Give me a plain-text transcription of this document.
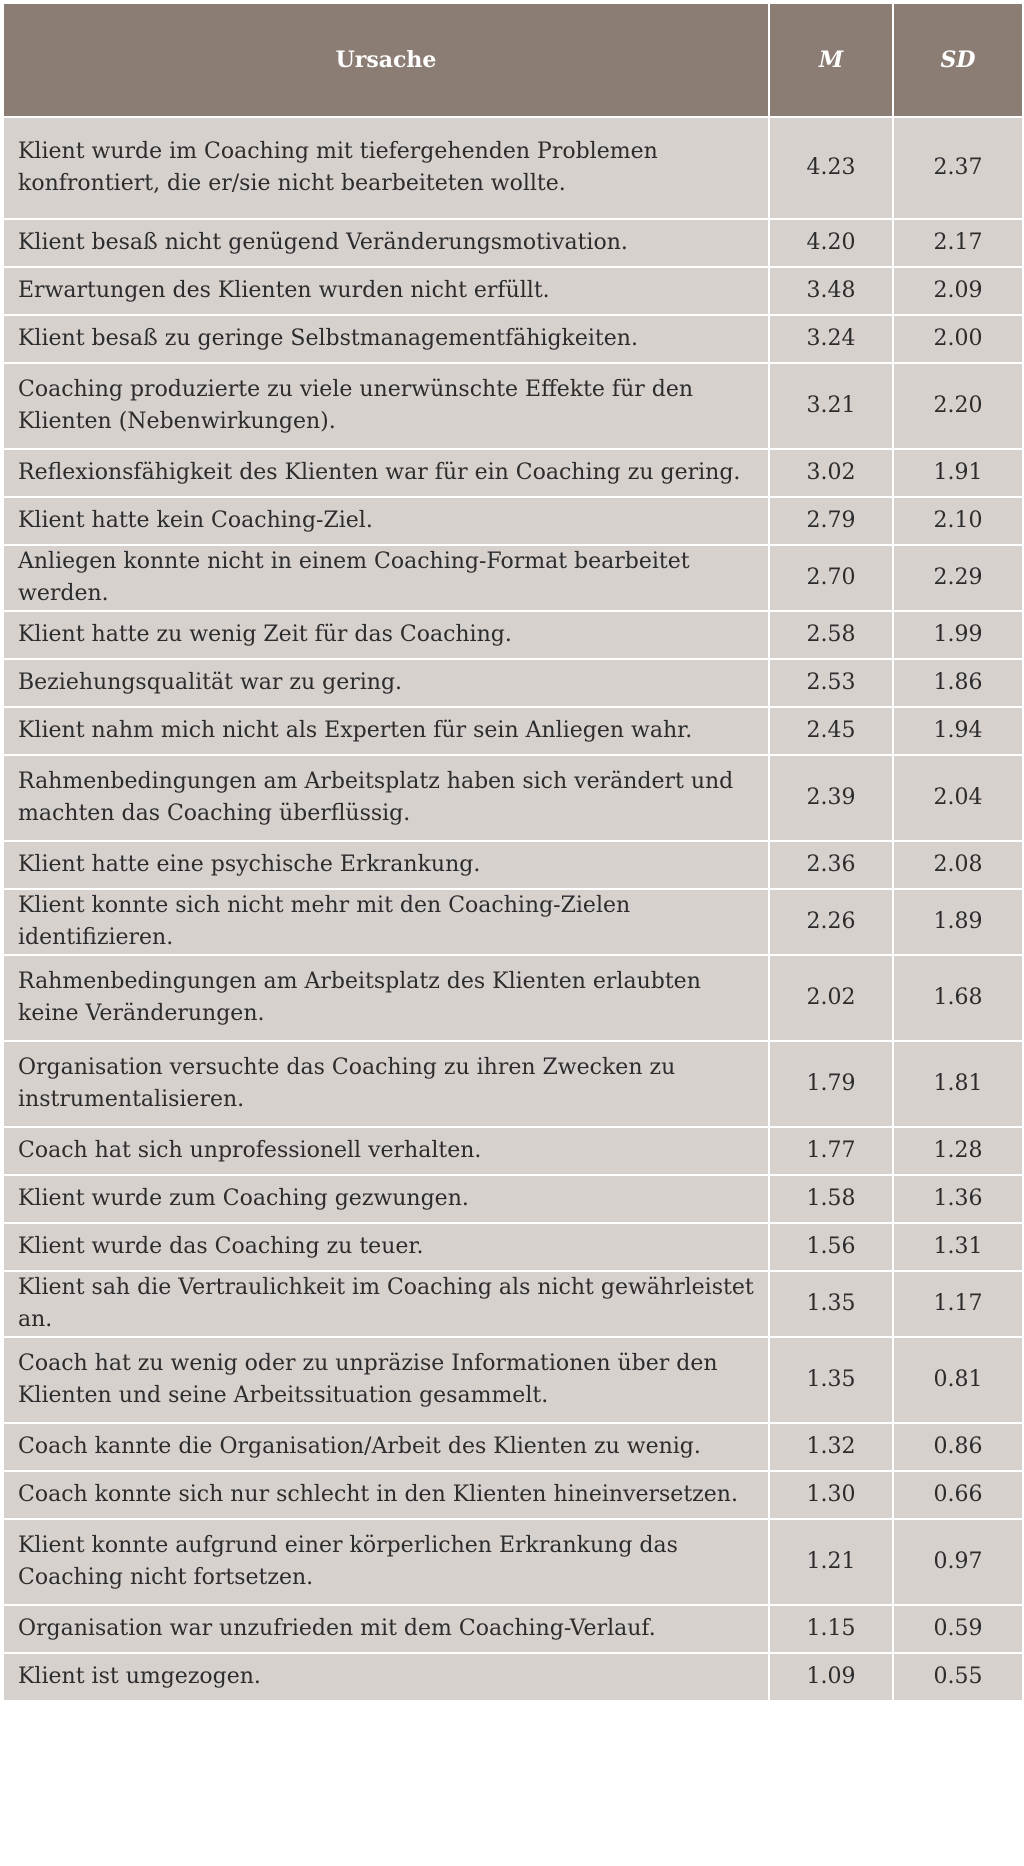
Ursache	M	SD
Klient wurde im Coaching mit tiefergehenden Problemen konfrontiert, die er/sie nicht bearbeiteten wollte.	4.23	2.37
Klient besaß nicht genügend Veränderungsmotivation.	4.20	2.17
Erwartungen des Klienten wurden nicht erfüllt.	3.48	2.09
Klient besaß zu geringe Selbstmanagementfähigkeiten.	3.24	2.00
Coaching produzierte zu viele unerwünschte Effekte für den Klienten (Nebenwirkungen).	3.21	2.20
Reflexionsfähigkeit des Klienten war für ein Coaching zu gering.	3.02	1.91
Klient hatte kein Coaching-Ziel.	2.79	2.10
Anliegen konnte nicht in einem Coaching-Format bearbeitet werden.	2.70	2.29
Klient hatte zu wenig Zeit für das Coaching.	2.58	1.99
Beziehungsqualität war zu gering.	2.53	1.86
Klient nahm mich nicht als Experten für sein Anliegen wahr.	2.45	1.94
Rahmenbedingungen am Arbeitsplatz haben sich verändert und machten das Coaching überflüssig.	2.39	2.04
Klient hatte eine psychische Erkrankung.	2.36	2.08
Klient konnte sich nicht mehr mit den Coaching-Zielen identifizieren.	2.26	1.89
Rahmenbedingungen am Arbeitsplatz des Klienten erlaubten keine Veränderungen.	2.02	1.68
Organisation versuchte das Coaching zu ihren Zwecken zu instrumentalisieren.	1.79	1.81
Coach hat sich unprofessionell verhalten.	1.77	1.28
Klient wurde zum Coaching gezwungen.	1.58	1.36
Klient wurde das Coaching zu teuer.	1.56	1.31
Klient sah die Vertraulichkeit im Coaching als nicht gewährleistet an.	1.35	1.17
Coach hat zu wenig oder zu unpräzise Informationen über den Klienten und seine Arbeitssituation gesammelt.	1.35	0.81
Coach kannte die Organisation/Arbeit des Klienten zu wenig.	1.32	0.86
Coach konnte sich nur schlecht in den Klienten hineinversetzen.	1.30	0.66
Klient konnte aufgrund einer körperlichen Erkrankung das Coaching nicht fortsetzen.	1.21	0.97
Organisation war unzufrieden mit dem Coaching-Verlauf.	1.15	0.59
Klient ist umgezogen.	1.09	0.55
